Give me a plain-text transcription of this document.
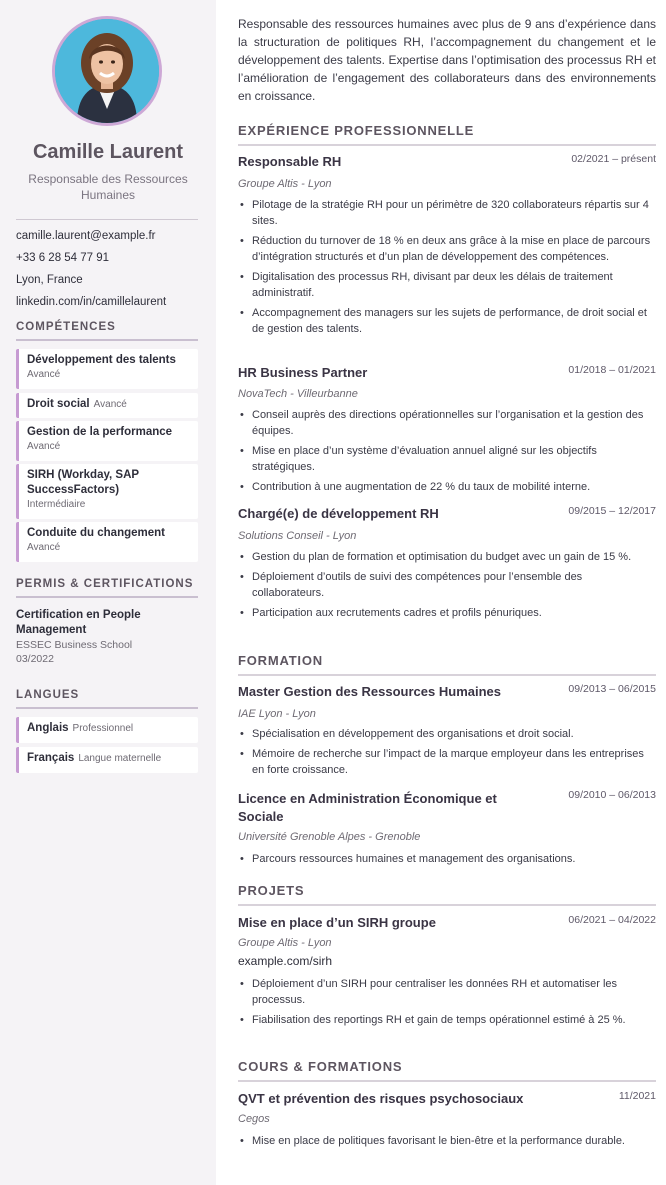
Camille Laurent
Responsable des Ressources Humaines
camille.laurent@example.fr
+33 6 28 54 77 91
Lyon, France
linkedin.com/in/camillelaurent
COMPÉTENCES
Développement des talents
Avancé
Droit social Avancé
Gestion de la performance
Avancé
SIRH (Workday, SAP SuccessFactors)
Intermédiaire
Conduite du changement
Avancé
PERMIS & CERTIFICATIONS
Certification en People Management
ESSEC Business School
03/2022
LANGUES
Anglais Professionnel
Français Langue maternelle
Responsable des ressources humaines avec plus de 9 ans d’expérience dans la structuration de politiques RH, l’accompagnement du changement et le développement des talents. Expertise dans l’optimisation des processus RH et l’amélioration de l’engagement des collaborateurs dans des environnements en croissance.
EXPÉRIENCE PROFESSIONNELLE
Responsable RH	02/2021 – présent
Groupe Altis - Lyon
• Pilotage de la stratégie RH pour un périmètre de 320 collaborateurs répartis sur 4 sites.
• Réduction du turnover de 18 % en deux ans grâce à la mise en place de parcours d’intégration structurés et d’un plan de développement des compétences.
• Digitalisation des processus RH, divisant par deux les délais de traitement administratif.
• Accompagnement des managers sur les sujets de performance, de droit social et de gestion des talents.
HR Business Partner	01/2018 – 01/2021
NovaTech - Villeurbanne
• Conseil auprès des directions opérationnelles sur l’organisation et la gestion des équipes.
• Mise en place d’un système d’évaluation annuel aligné sur les objectifs stratégiques.
• Contribution à une augmentation de 22 % du taux de mobilité interne.
Chargé(e) de développement RH	09/2015 – 12/2017
Solutions Conseil - Lyon
• Gestion du plan de formation et optimisation du budget avec un gain de 15 %.
• Déploiement d’outils de suivi des compétences pour l’ensemble des collaborateurs.
• Participation aux recrutements cadres et profils pénuriques.
FORMATION
Master Gestion des Ressources Humaines	09/2013 – 06/2015
IAE Lyon - Lyon
• Spécialisation en développement des organisations et droit social.
• Mémoire de recherche sur l’impact de la marque employeur dans les entreprises en forte croissance.
Licence en Administration Économique et Sociale
09/2010 – 06/2013
Université Grenoble Alpes - Grenoble
• Parcours ressources humaines et management des organisations.
PROJETS
Mise en place d’un SIRH groupe	06/2021 – 04/2022
Groupe Altis - Lyon
example.com/sirh
• Déploiement d’un SIRH pour centraliser les données RH et automatiser les processus.
• Fiabilisation des reportings RH et gain de temps opérationnel estimé à 25 %.
COURS & FORMATIONS
QVT et prévention des risques psychosociaux	11/2021
Cegos
• Mise en place de politiques favorisant le bien-être et la performance durable.
